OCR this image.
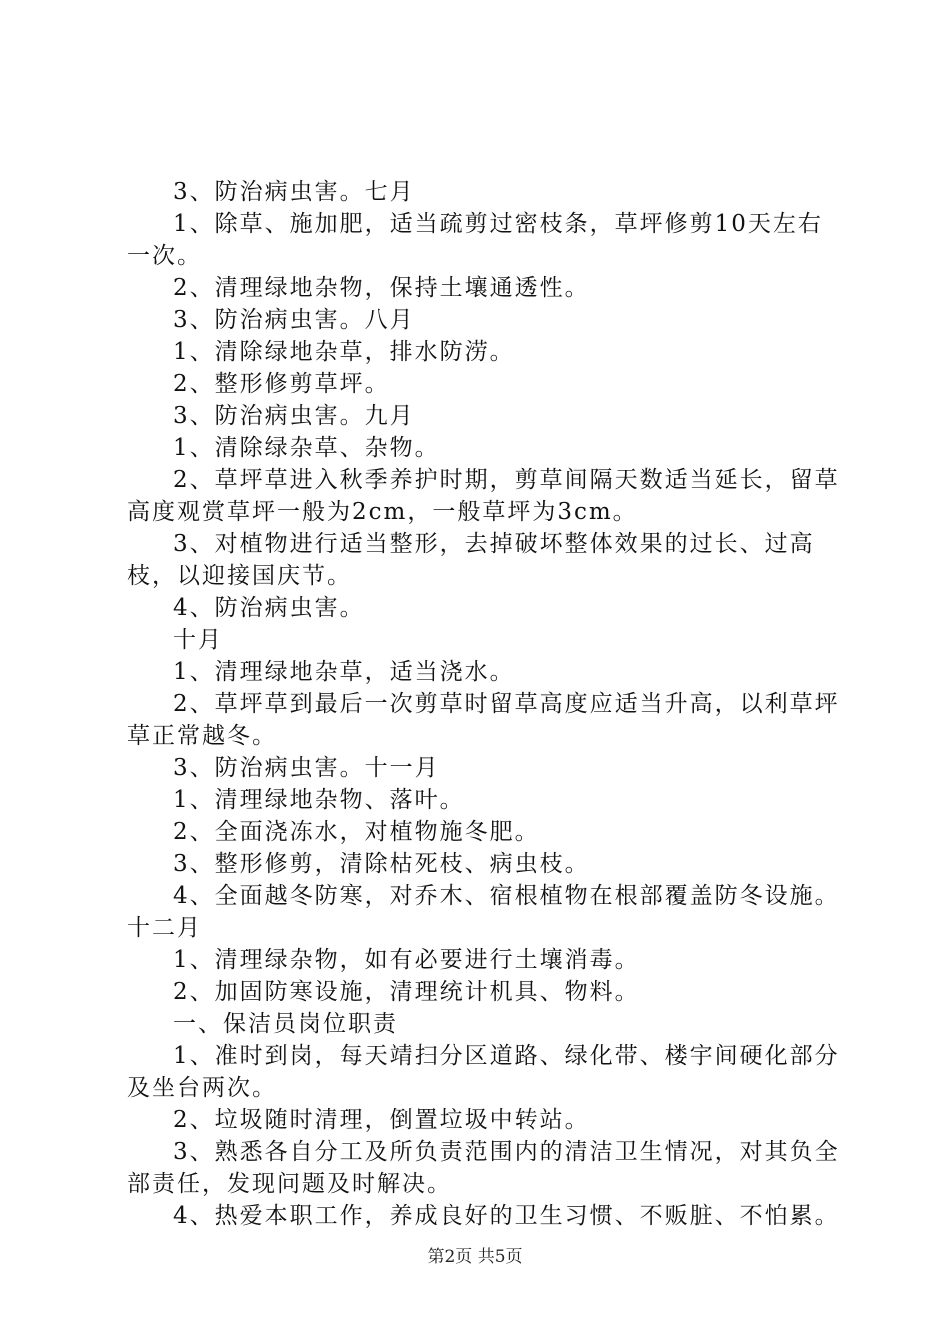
3、防治病虫害。七月

1、除草、施加肥，适当疏剪过密枝条，草坪修剪10天左右一次。

2、清理绿地杂物，保持土壤通透性。

3、防治病虫害。八月

1、清除绿地杂草，排水防涝。

2、整形修剪草坪。

3、防治病虫害。九月

1、清除绿杂草、杂物。

2、草坪草进入秋季养护时期，剪草间隔天数适当延长，留草高度观赏草坪一般为2cm，一般草坪为3cm。

3、对植物进行适当整形，去掉破坏整体效果的过长、过高枝，以迎接国庆节。

4、防治病虫害。

十月

1、清理绿地杂草，适当浇水。

2、草坪草到最后一次剪草时留草高度应适当升高，以利草坪草正常越冬。

3、防治病虫害。十一月

1、清理绿地杂物、落叶。

2、全面浇冻水，对植物施冬肥。

3、整形修剪，清除枯死枝、病虫枝。

4、全面越冬防寒，对乔木、宿根植物在根部覆盖防冬设施。十二月

1、清理绿杂物，如有必要进行土壤消毒。

2、加固防寒设施，清理统计机具、物料。

一、保洁员岗位职责

1、准时到岗，每天靖扫分区道路、绿化带、楼宇间硬化部分及坐台两次。

2、垃圾随时清理，倒置垃圾中转站。

3、熟悉各自分工及所负责范围内的清洁卫生情况，对其负全部责任，发现问题及时解决。

4、热爱本职工作，养成良好的卫生习惯、不贩脏、不怕累。

第2页 共5页
